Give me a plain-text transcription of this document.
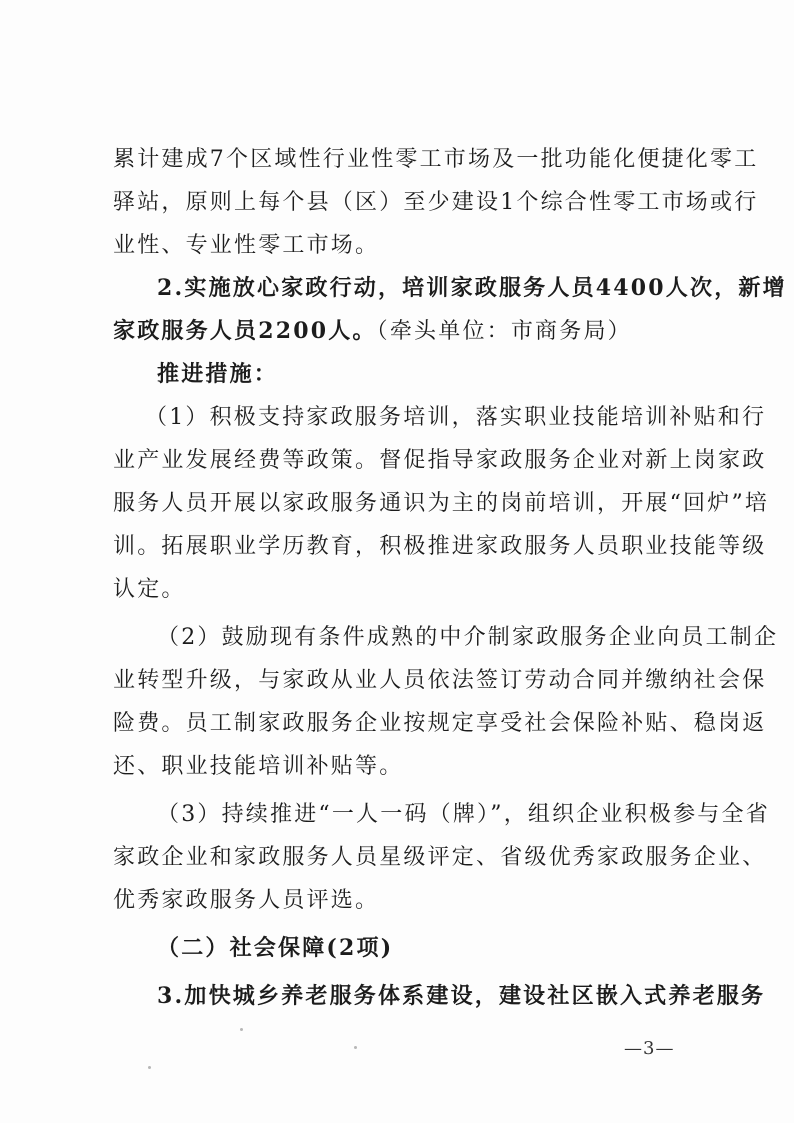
累计建成7个区域性行业性零工市场及一批功能化便捷化零工
驿站，原则上每个县（区）至少建设1个综合性零工市场或行
业性、专业性零工市场。
2.实施放心家政行动，培训家政服务人员4400人次，新增
家政服务人员2200人。（牵头单位：市商务局）
推进措施：
（1）积极支持家政服务培训，落实职业技能培训补贴和行
业产业发展经费等政策。督促指导家政服务企业对新上岗家政
服务人员开展以家政服务通识为主的岗前培训，开展“回炉”培
训。拓展职业学历教育，积极推进家政服务人员职业技能等级
认定。
（2）鼓励现有条件成熟的中介制家政服务企业向员工制企
业转型升级，与家政从业人员依法签订劳动合同并缴纳社会保
险费。员工制家政服务企业按规定享受社会保险补贴、稳岗返
还、职业技能培训补贴等。
（3）持续推进“一人一码（牌）”，组织企业积极参与全省
家政企业和家政服务人员星级评定、省级优秀家政服务企业、
优秀家政服务人员评选。
（二）社会保障(2项)
3.加快城乡养老服务体系建设，建设社区嵌入式养老服务
—3—
